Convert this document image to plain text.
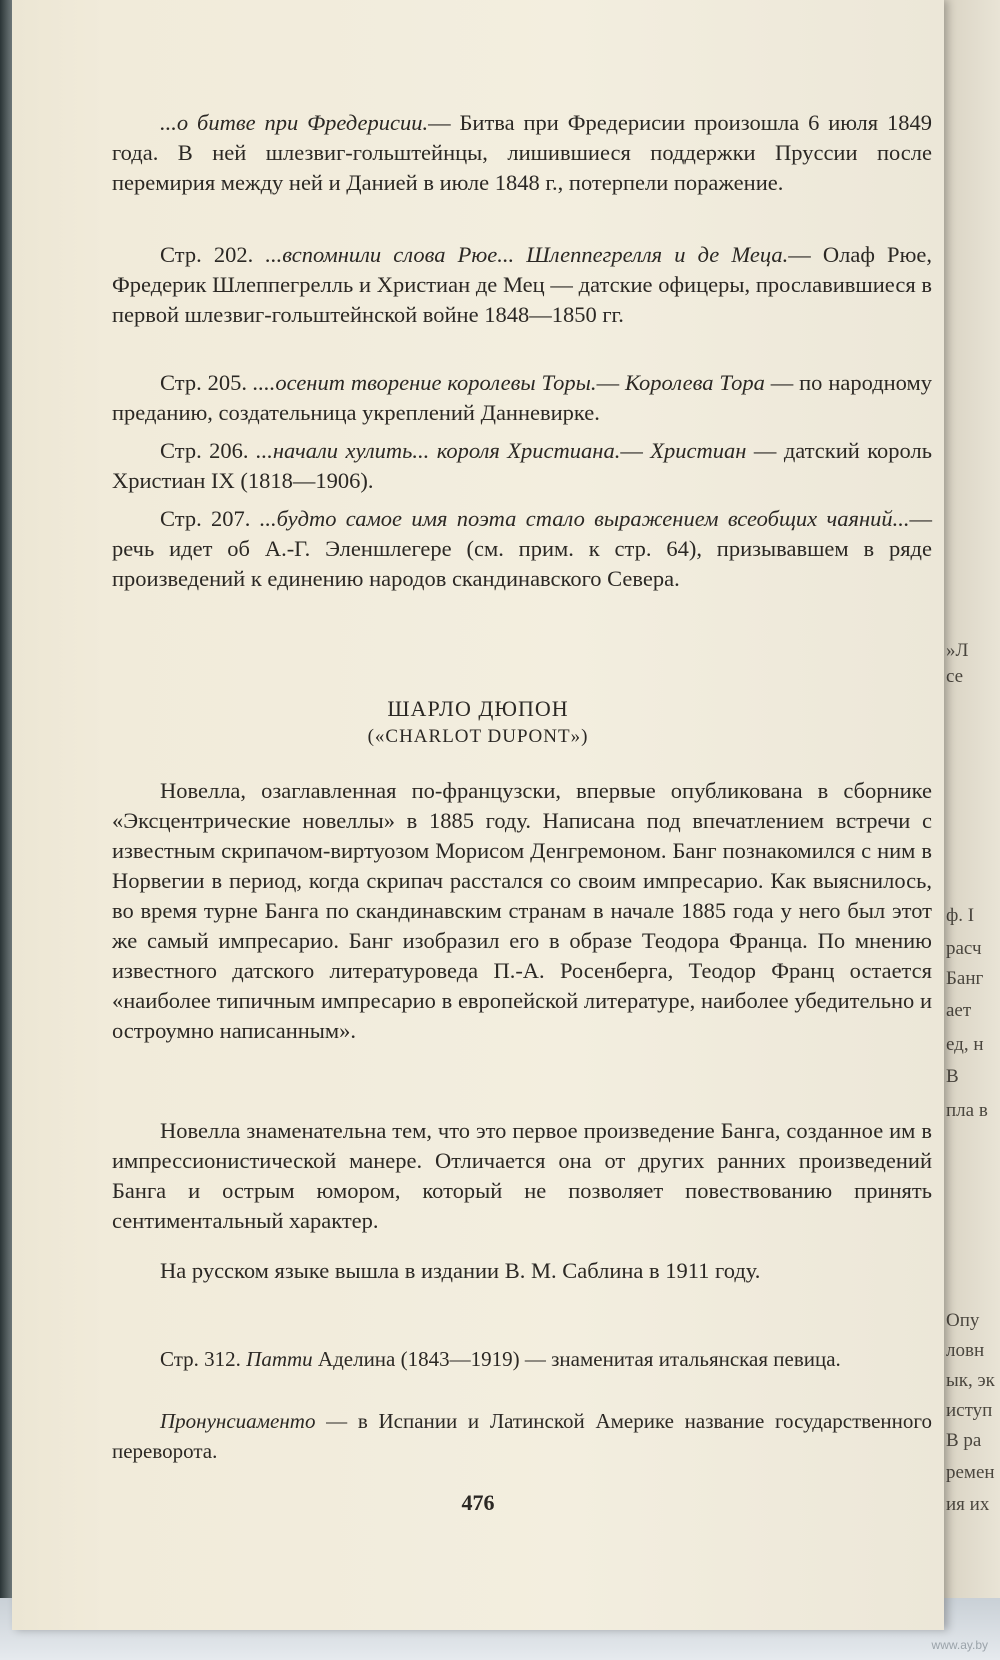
»Л
се
ф. I
расч
Банг
ает
ед, н
В
пла в
Опу
ловн
ык, эк
иступ
В ра
ремен
ия их
...о битве при Фредерисии.— Битва при Фредерисии произошла 6 июля 1849 года. В ней шлезвиг-гольштейнцы, лишившиеся поддержки Пруссии после перемирия между ней и Данией в июле 1848 г., потерпели поражение.
Стр. 202. ...вспомнили слова Рюе... Шлеппегрелля и де Меца.— Олаф Рюе, Фредерик Шлеппегрелль и Христиан де Мец — датские офицеры, прославившиеся в первой шлезвиг-гольштейнской войне 1848—1850 гг.
Стр. 205. ....осенит творение королевы Торы.— Королева Тора — по народному преданию, создательница укреплений Данневирке.
Стр. 206. ...начали хулить... короля Христиана.— Христиан — датский король Христиан IX (1818—1906).
Стр. 207. ...будто самое имя поэта стало выражением всеобщих чаяний...— речь идет об А.-Г. Эленшлегере (см. прим. к стр. 64), призывавшем в ряде произведений к единению народов скандинавского Севера.
ШАРЛО ДЮПОН
(«CHARLOT DUPONT»)
Новелла, озаглавленная по-французски, впервые опубликована в сборнике «Эксцентрические новеллы» в 1885 году. Написана под впечатлением встречи с известным скрипачом-виртуозом Морисом Денгремоном. Банг познакомился с ним в Норвегии в период, когда скрипач расстался со своим импресарио. Как выяснилось, во время турне Банга по скандинавским странам в начале 1885 года у него был этот же самый импресарио. Банг изобразил его в образе Теодора Франца. По мнению известного датского литературоведа П.-А. Росенберга, Теодор Франц остается «наиболее типичным импресарио в европейской литературе, наиболее убедительно и остроумно написанным».
Новелла знаменательна тем, что это первое произведение Банга, созданное им в импрессионистической манере. Отличается она от других ранних произведений Банга и острым юмором, который не позволяет повествованию принять сентиментальный характер.
На русском языке вышла в издании В. М. Саблина в 1911 году.
Стр. 312. Патти Аделина (1843—1919) — знаменитая итальянская певица.
Пронунсиаменто — в Испании и Латинской Америке название государственного переворота.
476
www.ay.by
